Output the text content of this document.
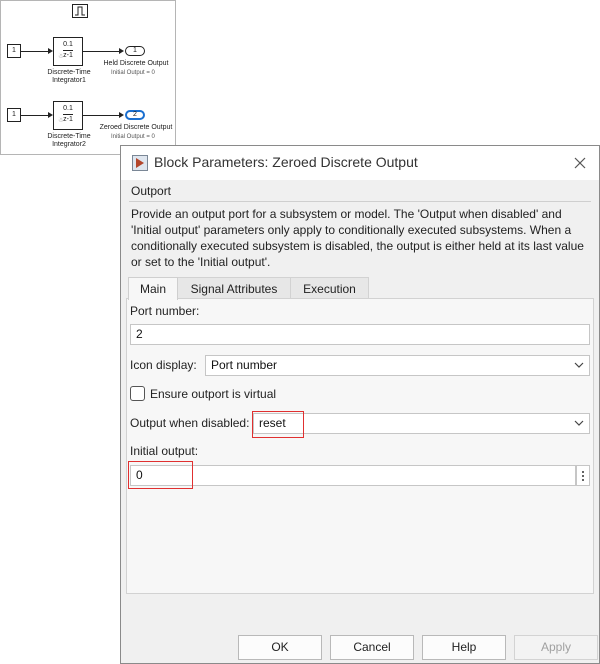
1
0.1
☃ z-1
Discrete-Time
Integrator1
1
Held Discrete Output
Initial Output = 0
1
0.1
☃ z-1
Discrete-Time
Integrator2
2
Zeroed Discrete Output
Initial Output = 0
Block Parameters: Zeroed Discrete Output
Outport
Provide an output port for a subsystem or model. The 'Output when disabled' and 'Initial output' parameters only apply to conditionally executed subsystems. When a conditionally executed subsystem is disabled, the output is either held at its last value or set to the 'Initial output'.
Main	Signal Attributes	Execution
Port number:
2
Icon display:	Port number
Ensure outport is virtual
Output when disabled: reset
Initial output:
0
OK	Cancel	Help	Apply
